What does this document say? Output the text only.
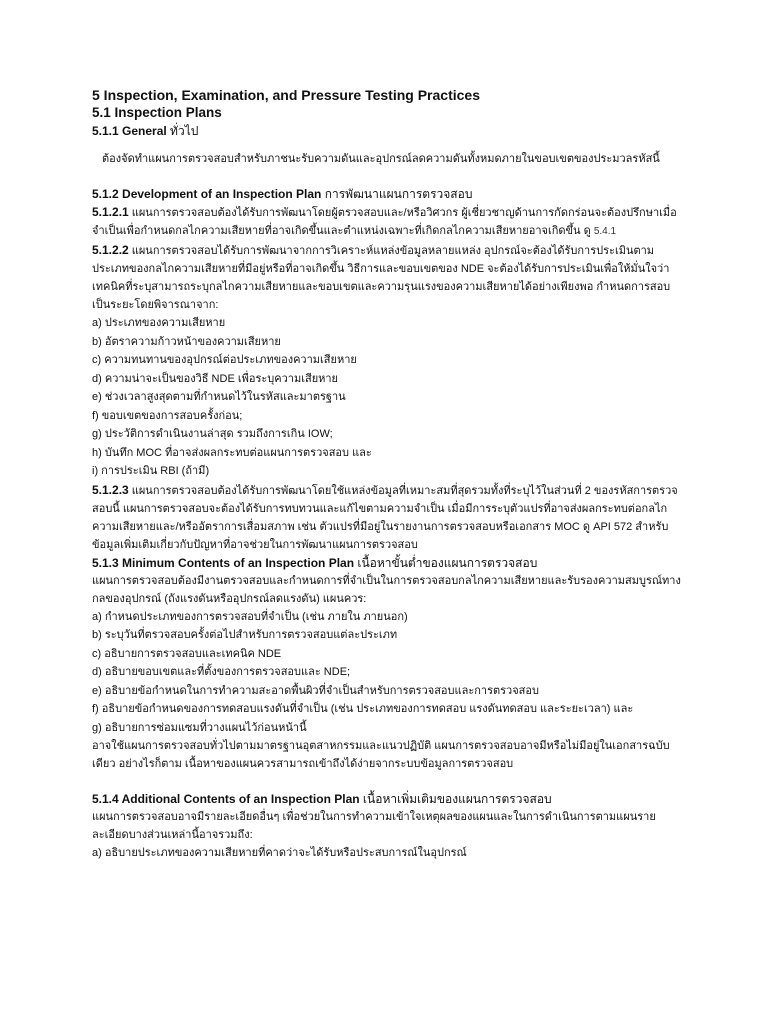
5 Inspection, Examination, and Pressure Testing Practices
5.1 Inspection Plans
5.1.1 General ทั่วไป

ต้องจัดทำแผนการตรวจสอบสำหรับภาชนะรับความดันและอุปกรณ์ลดความดันทั้งหมดภายในขอบเขตของประมวลรหัสนี้

5.1.2 Development of an Inspection Plan การพัฒนาแผนการตรวจสอบ

5.1.2.1 แผนการตรวจสอบต้องได้รับการพัฒนาโดยผู้ตรวจสอบและ/หรือวิศวกร ผู้เชี่ยวชาญด้านการกัดกร่อนจะต้องปรึกษาเมื่อจำเป็นเพื่อกำหนดกลไกความเสียหายที่อาจเกิดขึ้นและตำแหน่งเฉพาะที่เกิดกลไกความเสียหายอาจเกิดขึ้น ดู 5.4.1

5.1.2.2 แผนการตรวจสอบได้รับการพัฒนาจากการวิเคราะห์แหล่งข้อมูลหลายแหล่ง อุปกรณ์จะต้องได้รับการประเมินตามประเภทของกลไกความเสียหายที่มีอยู่หรือที่อาจเกิดขึ้น วิธีการและขอบเขตของ NDE จะต้องได้รับการประเมินเพื่อให้มั่นใจว่าเทคนิคที่ระบุสามารถระบุกลไกความเสียหายและขอบเขตและความรุนแรงของความเสียหายได้อย่างเพียงพอ กำหนดการสอบเป็นระยะโดยพิจารณาจาก:

a) ประเภทของความเสียหาย
b) อัตราความก้าวหน้าของความเสียหาย
c) ความทนทานของอุปกรณ์ต่อประเภทของความเสียหาย
d) ความน่าจะเป็นของวิธี NDE เพื่อระบุความเสียหาย
e) ช่วงเวลาสูงสุดตามที่กำหนดไว้ในรหัสและมาตรฐาน
f) ขอบเขตของการสอบครั้งก่อน;
g) ประวัติการดำเนินงานล่าสุด รวมถึงการเกิน IOW;
h) บันทึก MOC ที่อาจส่งผลกระทบต่อแผนการตรวจสอบ และ
i) การประเมิน RBI (ถ้ามี)

5.1.2.3 แผนการตรวจสอบต้องได้รับการพัฒนาโดยใช้แหล่งข้อมูลที่เหมาะสมที่สุดรวมทั้งที่ระบุไว้ในส่วนที่ 2 ของรหัสการตรวจสอบนี้ แผนการตรวจสอบจะต้องได้รับการทบทวนและแก้ไขตามความจำเป็น เมื่อมีการระบุตัวแปรที่อาจส่งผลกระทบต่อกลไกความเสียหายและ/หรืออัตราการเสื่อมสภาพ เช่น ตัวแปรที่มีอยู่ในรายงานการตรวจสอบหรือเอกสาร MOC ดู API 572 สำหรับข้อมูลเพิ่มเติมเกี่ยวกับปัญหาที่อาจช่วยในการพัฒนาแผนการตรวจสอบ

5.1.3 Minimum Contents of an Inspection Plan เนื้อหาขั้นต่ำของแผนการตรวจสอบ

แผนการตรวจสอบต้องมีงานตรวจสอบและกำหนดการที่จำเป็นในการตรวจสอบกลไกความเสียหายและรับรองความสมบูรณ์ทางกลของอุปกรณ์ (ถังแรงดันหรืออุปกรณ์ลดแรงดัน) แผนควร:

a) กำหนดประเภทของการตรวจสอบที่จำเป็น (เช่น ภายใน ภายนอก)
b) ระบุวันที่ตรวจสอบครั้งต่อไปสำหรับการตรวจสอบแต่ละประเภท
c) อธิบายการตรวจสอบและเทคนิค NDE
d) อธิบายขอบเขตและที่ตั้งของการตรวจสอบและ NDE;
e) อธิบายข้อกำหนดในการทำความสะอาดพื้นผิวที่จำเป็นสำหรับการตรวจสอบและการตรวจสอบ
f) อธิบายข้อกำหนดของการทดสอบแรงดันที่จำเป็น (เช่น ประเภทของการทดสอบ แรงดันทดสอบ และระยะเวลา) และ
g) อธิบายการซ่อมแซมที่วางแผนไว้ก่อนหน้านี้

อาจใช้แผนการตรวจสอบทั่วไปตามมาตรฐานอุตสาหกรรมและแนวปฏิบัติ แผนการตรวจสอบอาจมีหรือไม่มีอยู่ในเอกสารฉบับเดียว อย่างไรก็ตาม เนื้อหาของแผนควรสามารถเข้าถึงได้ง่ายจากระบบข้อมูลการตรวจสอบ

5.1.4 Additional Contents of an Inspection Plan เนื้อหาเพิ่มเติมของแผนการตรวจสอบ

แผนการตรวจสอบอาจมีรายละเอียดอื่นๆ เพื่อช่วยในการทำความเข้าใจเหตุผลของแผนและในการดำเนินการตามแผนรายละเอียดบางส่วนเหล่านี้อาจรวมถึง:

a) อธิบายประเภทของความเสียหายที่คาดว่าจะได้รับหรือประสบการณ์ในอุปกรณ์
